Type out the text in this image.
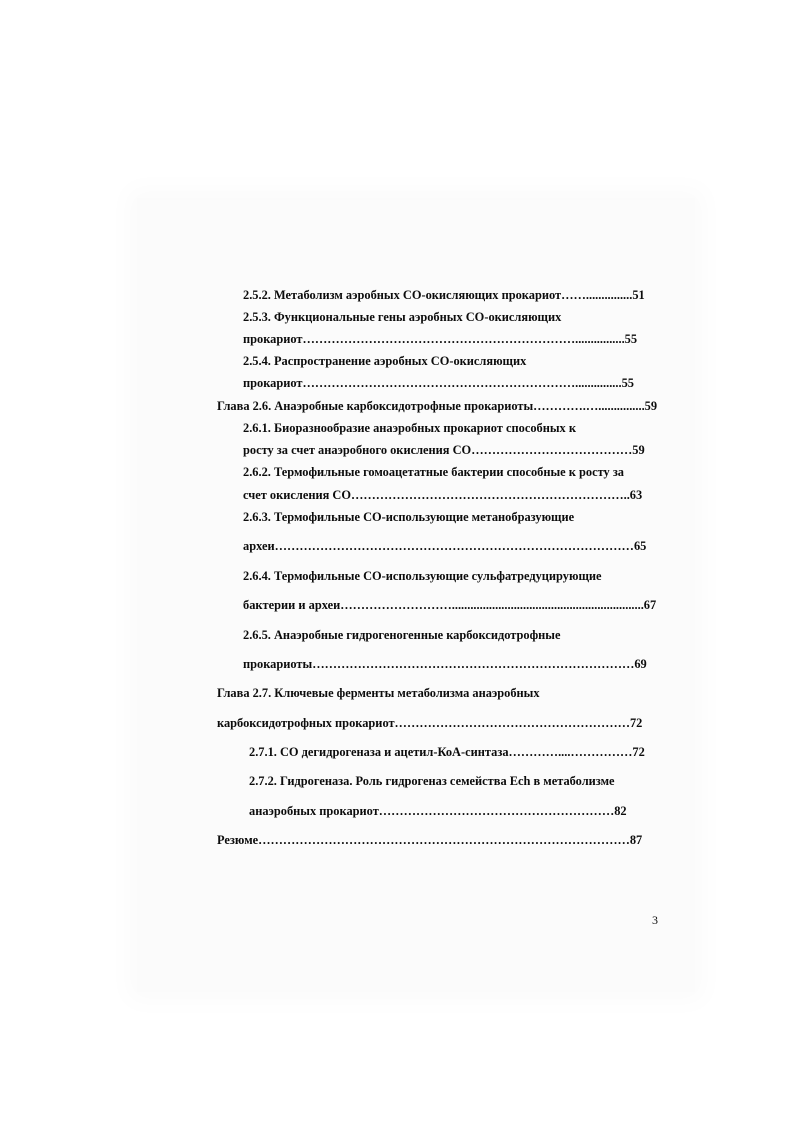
2.5.2. Метаболизм аэробных СО-окисляющих прокариот……...............51
2.5.3. Функциональные гены аэробных СО-окисляющих
прокариот…………………………………………………………................55
2.5.4. Распространение аэробных СО-окисляющих
прокариот…………………………………………………………...............55
Глава 2.6. Анаэробные карбоксидотрофные прокариоты………….…...............59
2.6.1. Биоразнообразие анаэробных прокариот способных к
росту за счет анаэробного окисления СО…………………………………59
2.6.2. Термофильные гомоацетатные бактерии способные к росту за
счет окисления СО…………………………………………………………..63
2.6.3. Термофильные СО-использующие метанобразующие
археи……………………………………………………………………………65
2.6.4. Термофильные СО-использующие сульфатредуцирующие
бактерии и археи………………………..............................................................67
2.6.5. Анаэробные гидрогеногенные карбоксидотрофные
прокариоты……………………………………………………………………69
Глава 2.7. Ключевые ферменты метаболизма анаэробных
карбоксидотрофных прокариот…………………………………………………72
2.7.1. СО дегидрогеназа и ацетил-КоА-синтаза…………....……………72
2.7.2. Гидрогеназа. Роль гидрогеназ семейства Ech в метаболизме
анаэробных прокариот…………………………………………………82
Резюме………………………………………………………………………………87
3
